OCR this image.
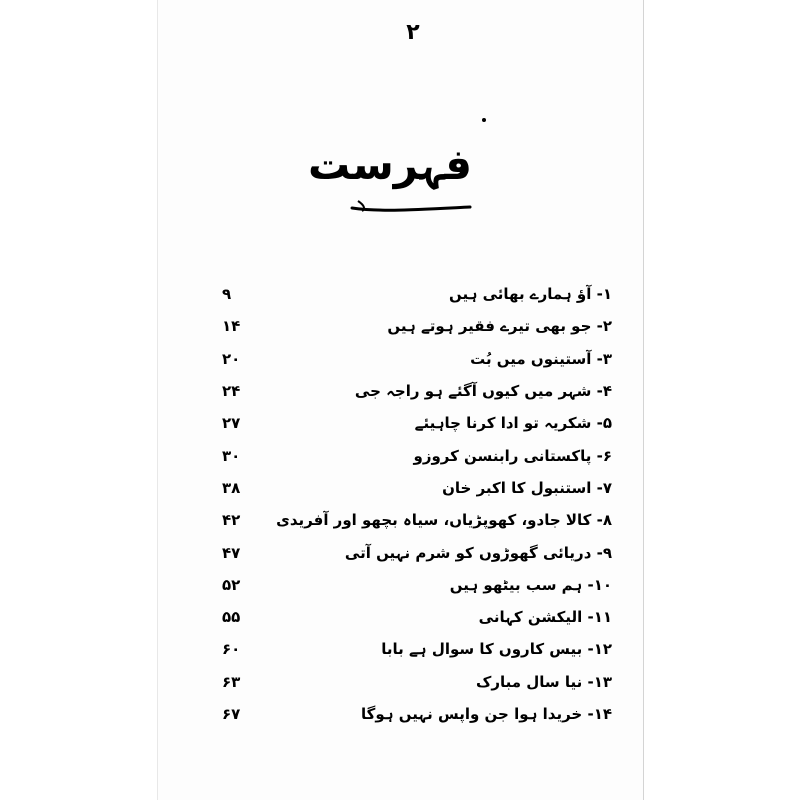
۲
فہرست
۹	۱- آؤ ہمارے بھائی ہیں
۱۴	۲- جو بھی تیرے فقیر ہوتے ہیں
۲۰	۳- آستینوں میں بُت
۲۴	۴- شہر میں کیوں آگئے ہو راجہ جی
۲۷	۵- شکریہ تو ادا کرنا چاہیئے
۳۰	۶- پاکستانی رابنسن کروزو
۳۸	۷- استنبول کا اکبر خان
۴۲	۸- کالا جادو، کھوپڑیاں، سیاہ بچھو اور آفریدی
۴۷	۹- دریائی گھوڑوں کو شرم نہیں آتی
۵۲	۱۰- ہم سب بیٹھو ہیں
۵۵	۱۱- الیکشن کہانی
۶۰	۱۲- بیس کاروں کا سوال ہے بابا
۶۳	۱۳- نیا سال مبارک
۶۷	۱۴- خریدا ہوا جن واپس نہیں ہوگا
